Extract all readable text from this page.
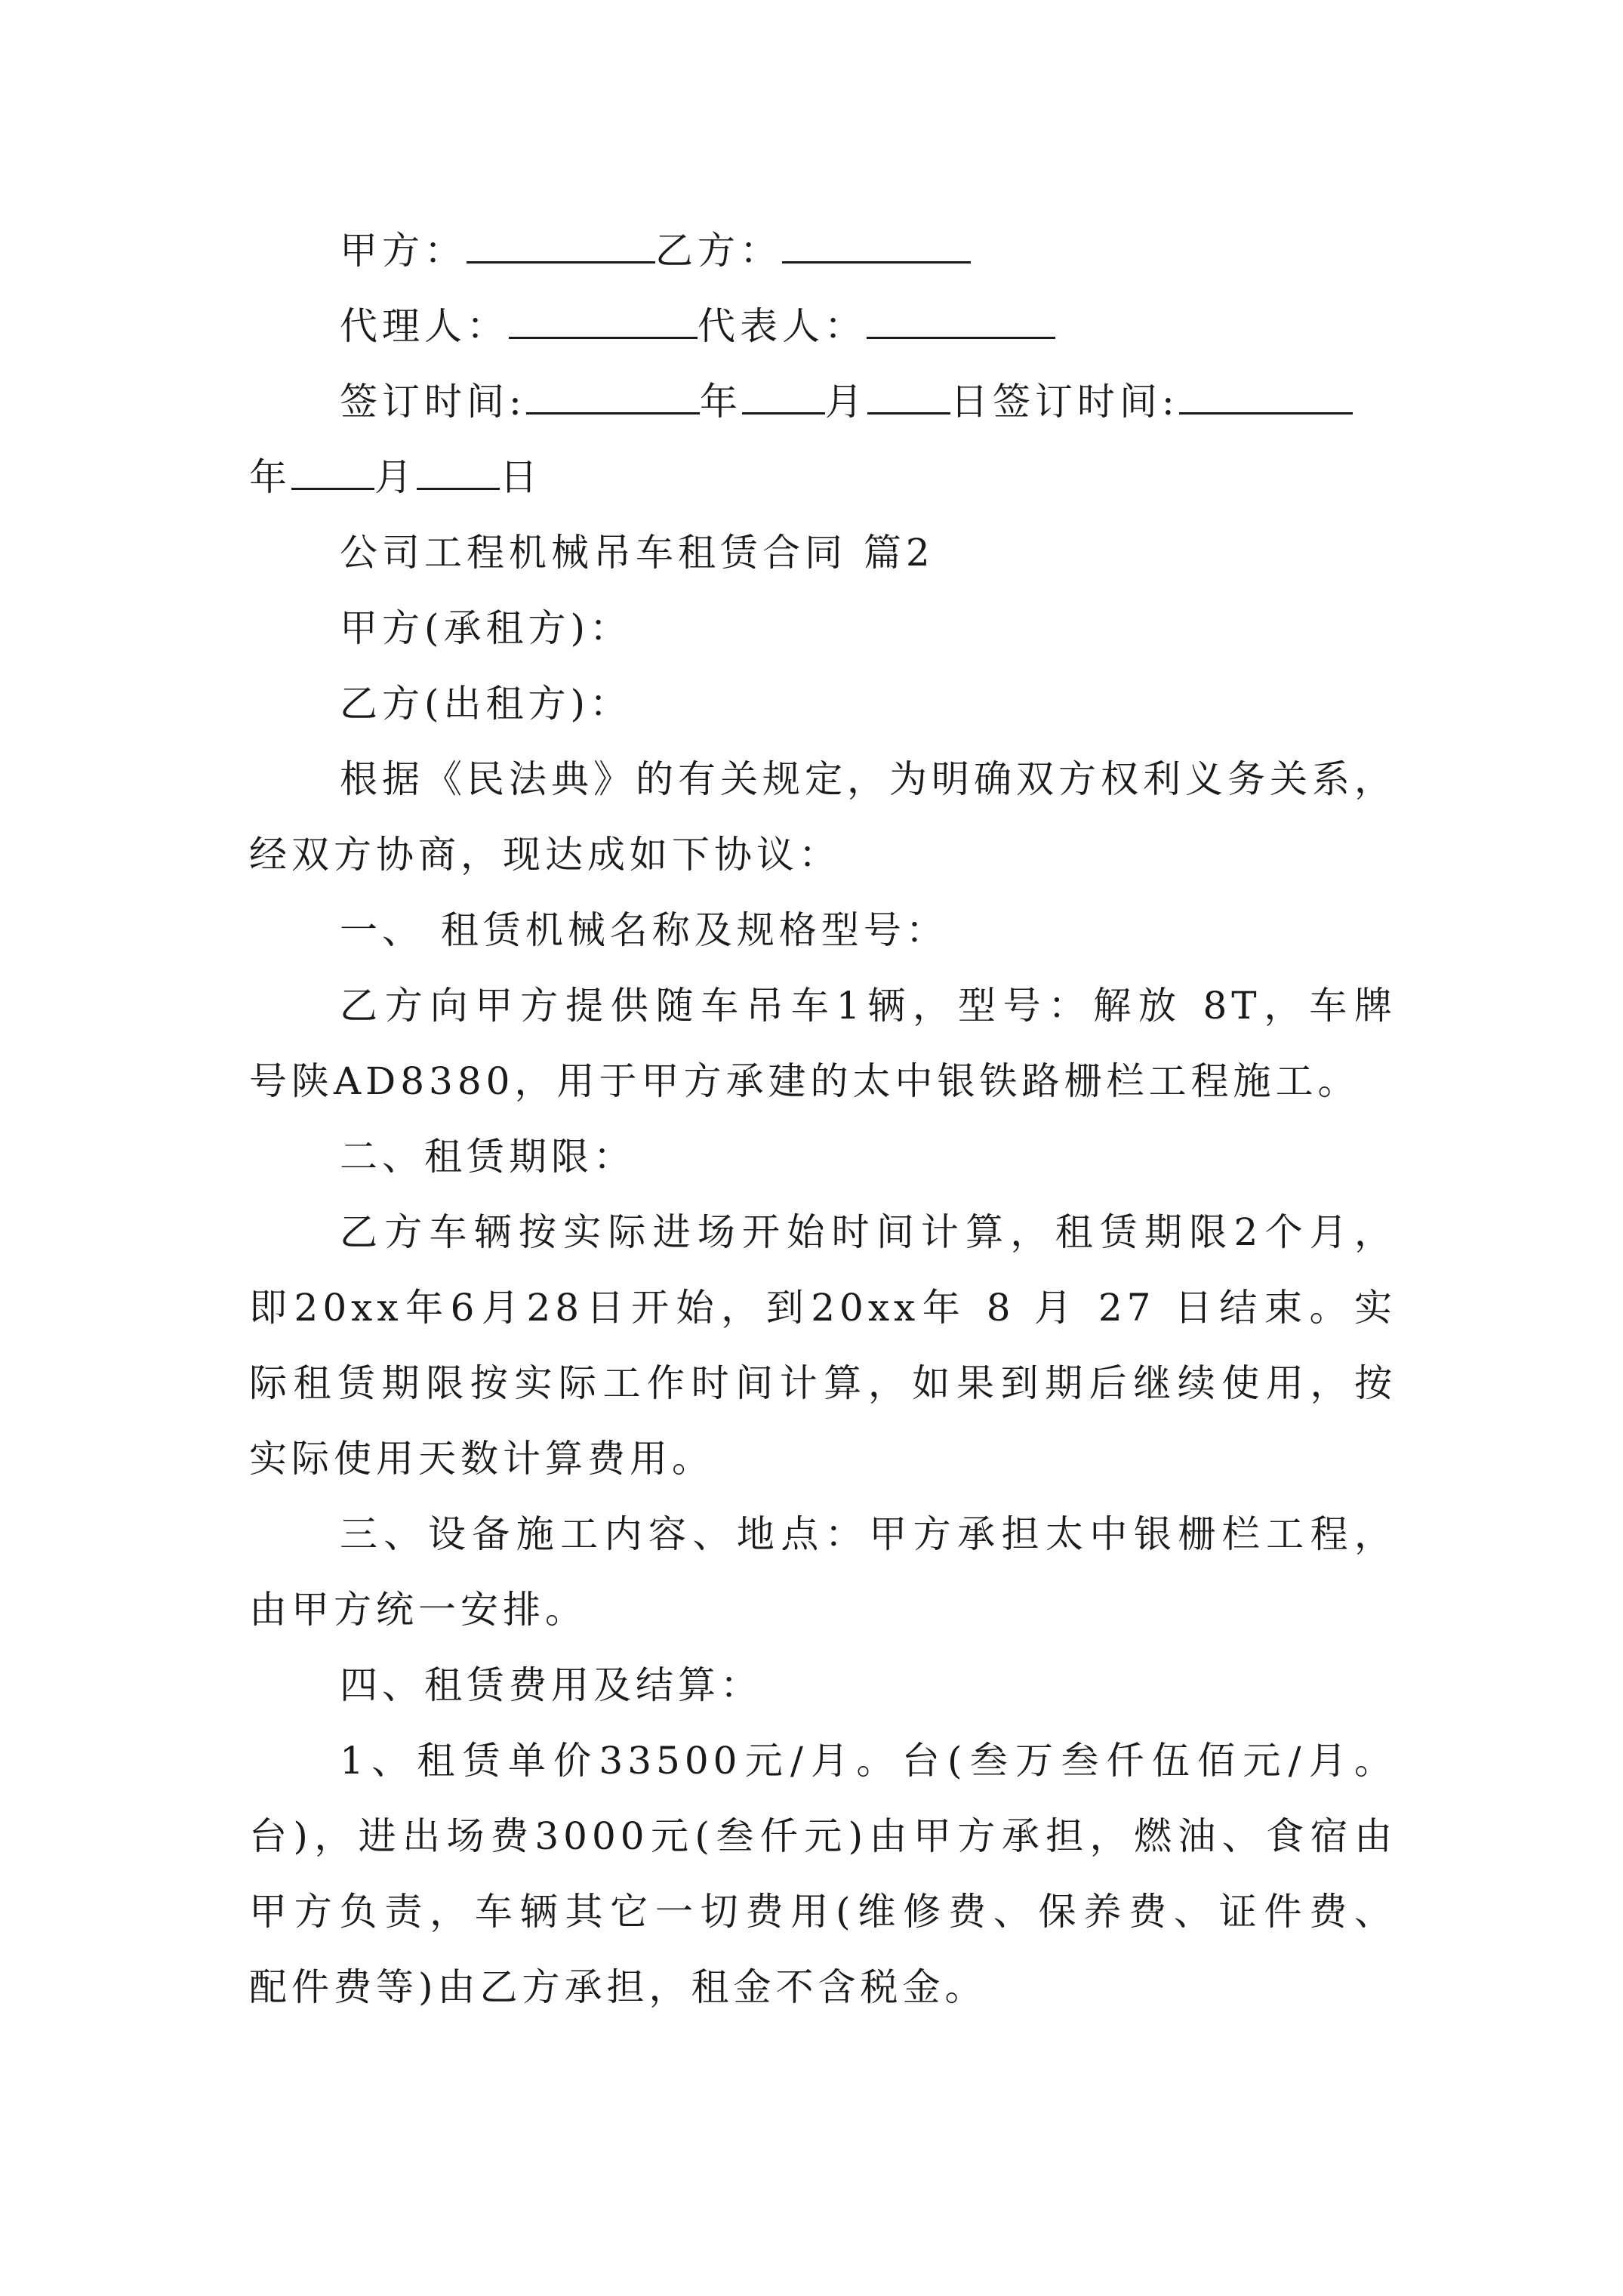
甲方：	乙方：
代理人：	代表人：
签订时间:	年 月 日签订时间:
年 月 日
公司工程机械吊车租赁合同 篇2
甲方(承租方)：
乙方(出租方)：
根据《民法典》的有关规定，为明确双方权利义务关系，
经双方协商，现达成如下协议：
一、 租赁机械名称及规格型号：
乙方向甲方提供随车吊车1辆，型号：解放 8T，车牌
号陕AD8380，用于甲方承建的太中银铁路栅栏工程施工。
二、租赁期限：
乙方车辆按实际进场开始时间计算，租赁期限2个月，
即20xx年6月28日开始，到20xx年 8 月 27 日结束。实
际租赁期限按实际工作时间计算，如果到期后继续使用，按
实际使用天数计算费用。
三、设备施工内容、地点：甲方承担太中银栅栏工程，
由甲方统一安排。
四、租赁费用及结算：
1、租赁单价33500元/月。台(叁万叁仟伍佰元/月。
台)，进出场费3000元(叁仟元)由甲方承担，燃油、食宿由
甲方负责，车辆其它一切费用(维修费、保养费、证件费、
配件费等)由乙方承担，租金不含税金。
